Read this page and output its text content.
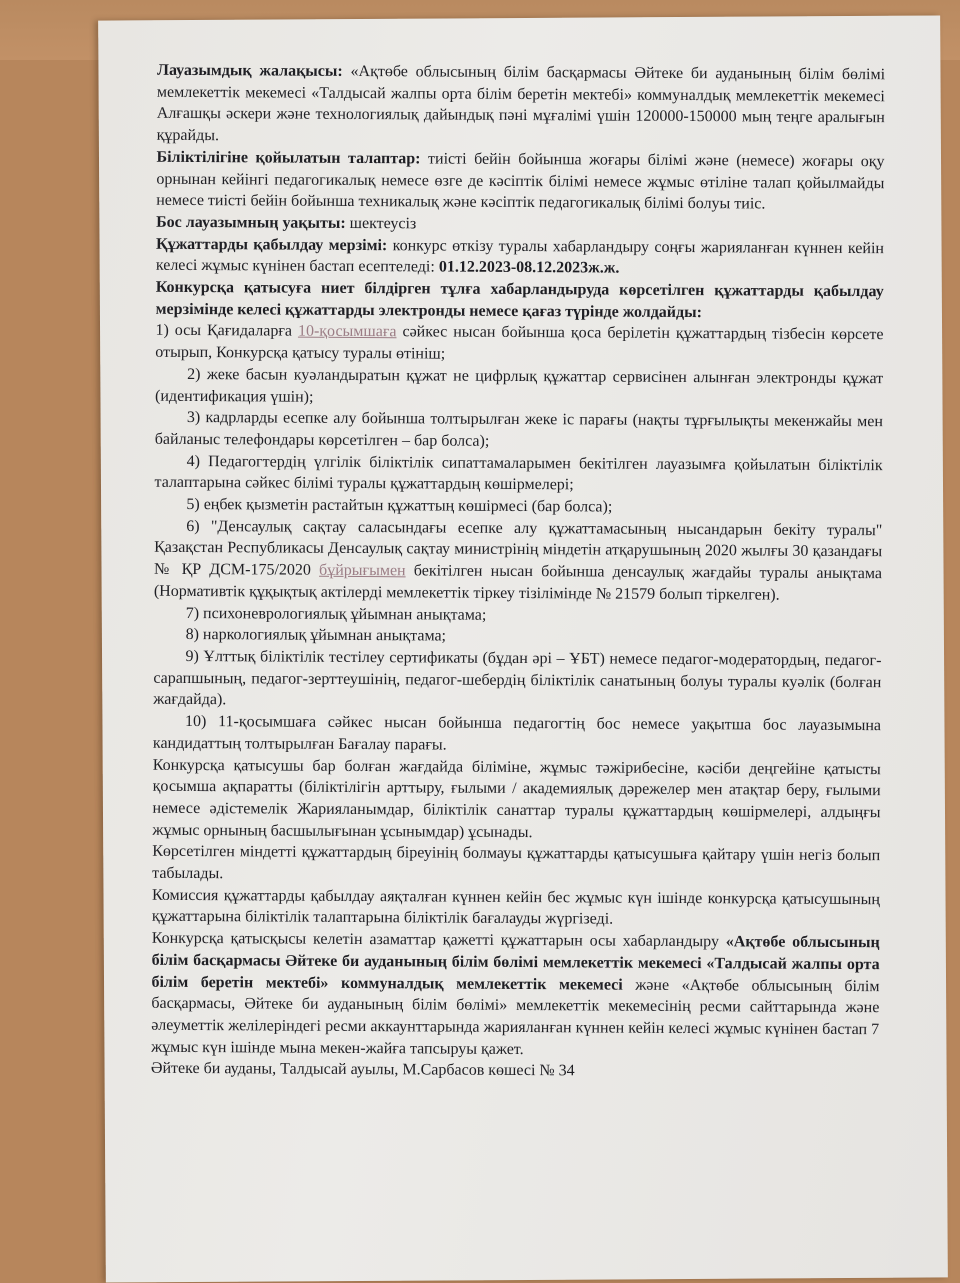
Лауазымдық жалақысы: «Ақтөбе облысының білім басқармасы Әйтеке би ауданының білім бөлімі мемлекеттік мекемесі «Талдысай жалпы орта білім беретін мектебі» коммуналдық мемлекеттік мекемесі Алғашқы әскери және технологиялық дайындық пәні мұғалімі үшін 120000-150000 мың теңге аралығын құрайды.

Біліктілігіне қойылатын талаптар: тиісті бейін бойынша жоғары білімі және (немесе) жоғары оқу орнынан кейінгі педагогикалық немесе өзге де кәсіптік білімі немесе жұмыс өтіліне талап қойылмайды немесе тиісті бейін бойынша техникалық және кәсіптік педагогикалық білімі болуы тиіс.

Бос лауазымның уақыты: шектеусіз

Құжаттарды қабылдау мерзімі: конкурс өткізу туралы хабарландыру соңғы жарияланған күннен кейін келесі жұмыс күнінен бастап есептеледі: 01.12.2023-08.12.2023ж.ж.

Конкурсқа қатысуға ниет білдірген тұлға хабарландыруда көрсетілген құжаттарды қабылдау мерзімінде келесі құжаттарды электронды немесе қағаз түрінде жолдайды:

1) осы Қағидаларға 10-қосымшаға сәйкес нысан бойынша қоса берілетін құжаттардың тізбесін көрсете отырып, Конкурсқа қатысу туралы өтініш;

2) жеке басын куәландыратын құжат не цифрлық құжаттар сервисінен алынған электронды құжат (идентификация үшін);

3) кадрларды есепке алу бойынша толтырылған жеке іс парағы (нақты тұрғылықты мекенжайы мен байланыс телефондары көрсетілген – бар болса);

4) Педагогтердің үлгілік біліктілік сипаттамаларымен бекітілген лауазымға қойылатын біліктілік талаптарына сәйкес білімі туралы құжаттардың көшірмелері;

5) еңбек қызметін растайтын құжаттың көшірмесі (бар болса);

6) "Денсаулық сақтау саласындағы есепке алу құжаттамасының нысандарын бекіту туралы" Қазақстан Республикасы Денсаулық сақтау министрінің міндетін атқарушының 2020 жылғы 30 қазандағы № ҚР ДСМ-175/2020 бұйрығымен бекітілген нысан бойынша денсаулық жағдайы туралы анықтама (Нормативтік құқықтық актілерді мемлекеттік тіркеу тізілімінде № 21579 болып тіркелген).

7) психоневрологиялық ұйымнан анықтама;

8) наркологиялық ұйымнан анықтама;

9) Ұлттық біліктілік тестілеу сертификаты (бұдан әрі – ҰБТ) немесе педагог-модератордың, педагог-сарапшының, педагог-зерттеушінің, педагог-шебердің біліктілік санатының болуы туралы куәлік (болған жағдайда).

10) 11-қосымшаға сәйкес нысан бойынша педагогтің бос немесе уақытша бос лауазымына кандидаттың толтырылған Бағалау парағы.

Конкурсқа қатысушы бар болған жағдайда біліміне, жұмыс тәжірибесіне, кәсіби деңгейіне қатысты қосымша ақпаратты (біліктілігін арттыру, ғылыми / академиялық дәрежелер мен атақтар беру, ғылыми немесе әдістемелік Жарияланымдар, біліктілік санаттар туралы құжаттардың көшірмелері, алдыңғы жұмыс орнының басшылығынан ұсынымдар) ұсынады.

Көрсетілген міндетті құжаттардың біреуінің болмауы құжаттарды қатысушыға қайтару үшін негіз болып табылады.

Комиссия құжаттарды қабылдау аяқталған күннен кейін бес жұмыс күн ішінде конкурсқа қатысушының құжаттарына біліктілік талаптарына біліктілік бағалауды жүргізеді.

Конкурсқа қатысқысы келетін азаматтар қажетті құжаттарын осы хабарландыру «Ақтөбе облысының білім басқармасы Әйтеке би ауданының білім бөлімі мемлекеттік мекемесі «Талдысай жалпы орта білім беретін мектебі» коммуналдық мемлекеттік мекемесі және «Ақтөбе облысының білім басқармасы, Әйтеке би ауданының білім бөлімі» мемлекеттік мекемесінің ресми сайттарында және әлеуметтік желілеріндегі ресми аккаунттарында жарияланған күннен кейін келесі жұмыс күнінен бастап 7 жұмыс күн ішінде мына мекен-жайға тапсыруы қажет.

Әйтеке би ауданы, Талдысай ауылы, М.Сарбасов көшесі № 34
